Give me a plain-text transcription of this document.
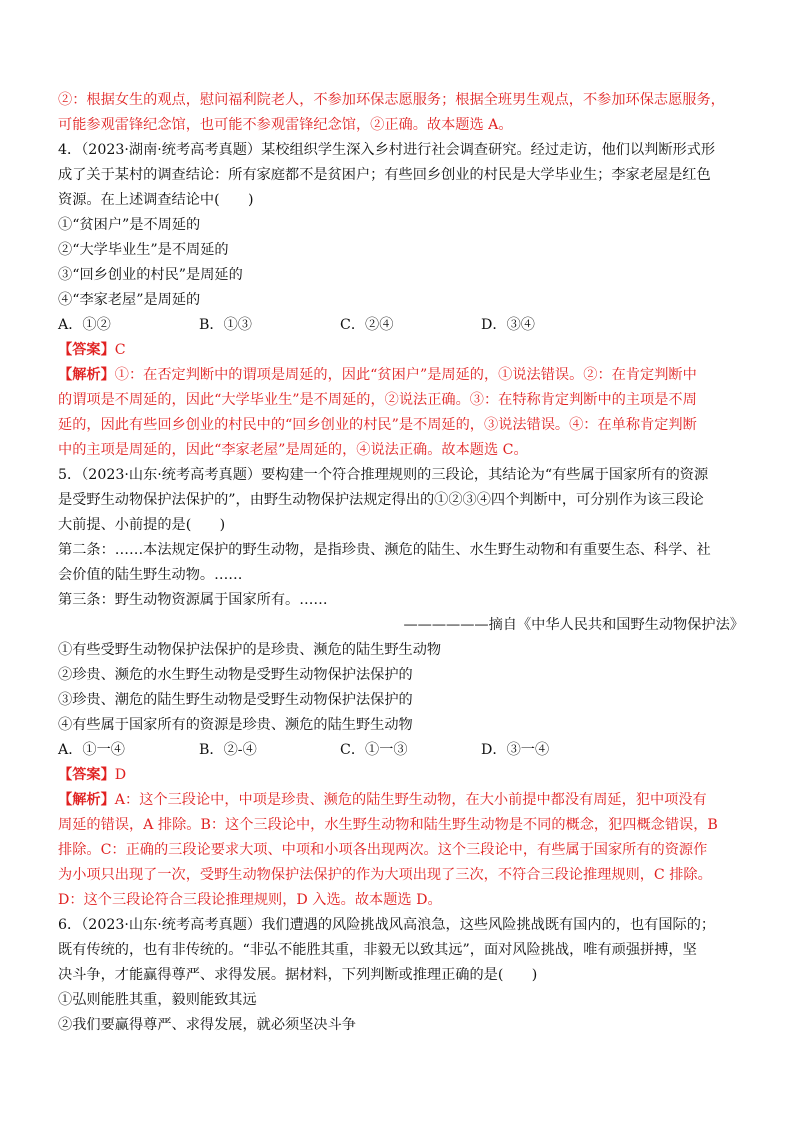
②：根据女生的观点，慰问福利院老人，不参加环保志愿服务；根据全班男生观点，不参加环保志愿服务，
可能参观雷锋纪念馆，也可能不参观雷锋纪念馆，②正确。故本题选 A。
4．（2023·湖南·统考高考真题）某校组织学生深入乡村进行社会调查研究。经过走访，他们以判断形式形
成了关于某村的调查结论：所有家庭都不是贫困户；有些回乡创业的村民是大学毕业生；李家老屋是红色
资源。在上述调查结论中(　　)
①“贫困户”是不周延的
②“大学毕业生”是不周延的
③“回乡创业的村民”是周延的
④“李家老屋”是周延的
A．①②	B．①③	C．②④	D．③④
【答案】C
【解析】①：在否定判断中的谓项是周延的，因此“贫困户”是周延的，①说法错误。②：在肯定判断中
的谓项是不周延的，因此“大学毕业生”是不周延的，②说法正确。③：在特称肯定判断中的主项是不周
延的，因此有些回乡创业的村民中的“回乡创业的村民”是不周延的，③说法错误。④：在单称肯定判断
中的主项是周延的，因此“李家老屋”是周延的，④说法正确。故本题选 C。
5．（2023·山东·统考高考真题）要构建一个符合推理规则的三段论，其结论为“有些属于国家所有的资源
是受野生动物保护法保护的”，由野生动物保护法规定得出的①②③④四个判断中，可分别作为该三段论
大前提、小前提的是(　　)
第二条：……本法规定保护的野生动物，是指珍贵、濒危的陆生、水生野生动物和有重要生态、科学、社
会价值的陆生野生动物。……
第三条：野生动物资源属于国家所有。……
——————摘自《中华人民共和国野生动物保护法》
①有些受野生动物保护法保护的是珍贵、濒危的陆生野生动物
②珍贵、濒危的水生野生动物是受野生动物保护法保护的
③珍贵、潮危的陆生野生动物是受野生动物保护法保护的
④有些属于国家所有的资源是珍贵、濒危的陆生野生动物
A．①一④	B．②-④	C．①一③	D．③一④
【答案】D
【解析】A：这个三段论中，中项是珍贵、濒危的陆生野生动物，在大小前提中都没有周延，犯中项没有
周延的错误，A 排除。B：这个三段论中，水生野生动物和陆生野生动物是不同的概念，犯四概念错误，B
排除。C：正确的三段论要求大项、中项和小项各出现两次。这个三段论中，有些属于国家所有的资源作
为小项只出现了一次，受野生动物保护法保护的作为大项出现了三次，不符合三段论推理规则，C 排除。
D：这个三段论符合三段论推理规则，D 入选。故本题选 D。
6．（2023·山东·统考高考真题）我们遭遇的风险挑战风高浪急，这些风险挑战既有国内的，也有国际的；
既有传统的，也有非传统的。“非弘不能胜其重，非毅无以致其远”，面对风险挑战，唯有顽强拼搏，坚
决斗争，才能赢得尊严、求得发展。据材料，下列判断或推理正确的是(　　)
①弘则能胜其重，毅则能致其远
②我们要赢得尊严、求得发展，就必须坚决斗争
